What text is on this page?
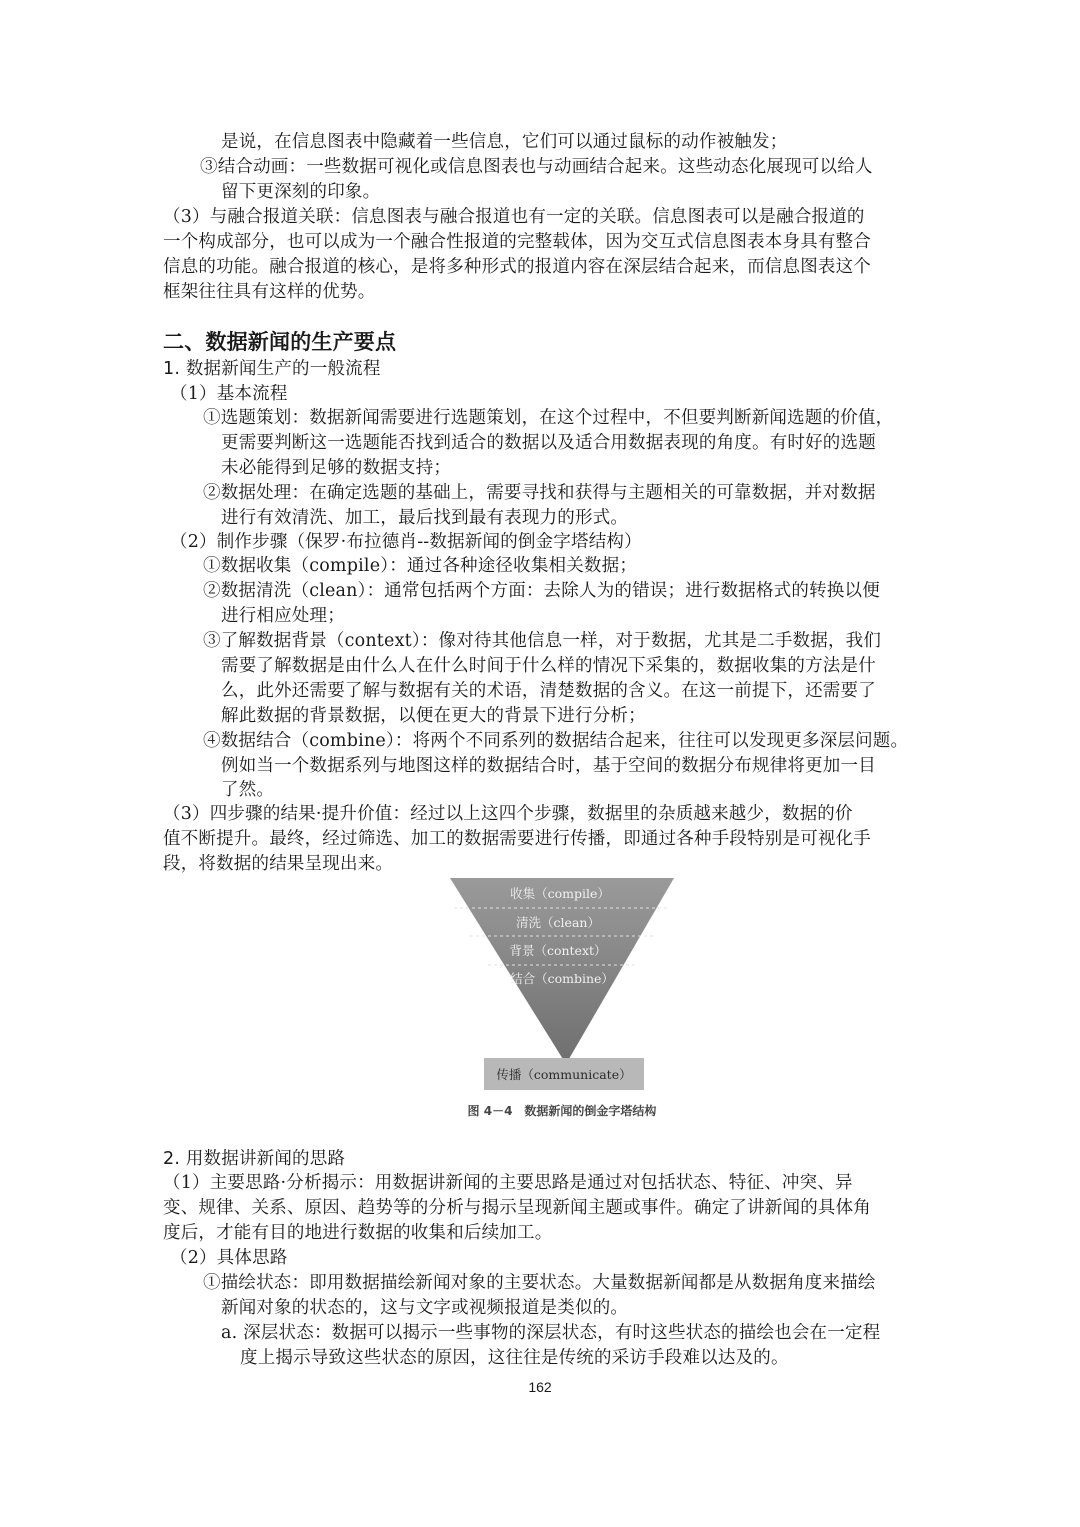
是说，在信息图表中隐藏着一些信息，它们可以通过鼠标的动作被触发；
③结合动画：一些数据可视化或信息图表也与动画结合起来。这些动态化展现可以给人
留下更深刻的印象。
（3）与融合报道关联：信息图表与融合报道也有一定的关联。信息图表可以是融合报道的
一个构成部分，也可以成为一个融合性报道的完整载体，因为交互式信息图表本身具有整合
信息的功能。融合报道的核心，是将多种形式的报道内容在深层结合起来，而信息图表这个
框架往往具有这样的优势。
二、数据新闻的生产要点
1. 数据新闻生产的一般流程
（1）基本流程
①选题策划：数据新闻需要进行选题策划，在这个过程中，不但要判断新闻选题的价值，
更需要判断这一选题能否找到适合的数据以及适合用数据表现的角度。有时好的选题
未必能得到足够的数据支持；
②数据处理：在确定选题的基础上，需要寻找和获得与主题相关的可靠数据，并对数据
进行有效清洗、加工，最后找到最有表现力的形式。
（2）制作步骤（保罗·布拉德肖--数据新闻的倒金字塔结构）
①数据收集（compile）：通过各种途径收集相关数据；
②数据清洗（clean）：通常包括两个方面：去除人为的错误；进行数据格式的转换以便
进行相应处理；
③了解数据背景（context）：像对待其他信息一样，对于数据，尤其是二手数据，我们
需要了解数据是由什么人在什么时间于什么样的情况下采集的，数据收集的方法是什
么，此外还需要了解与数据有关的术语，清楚数据的含义。在这一前提下，还需要了
解此数据的背景数据，以便在更大的背景下进行分析；
④数据结合（combine）：将两个不同系列的数据结合起来，往往可以发现更多深层问题。
例如当一个数据系列与地图这样的数据结合时，基于空间的数据分布规律将更加一目
了然。
（3）四步骤的结果·提升价值：经过以上这四个步骤，数据里的杂质越来越少，数据的价
值不断提升。最终，经过筛选、加工的数据需要进行传播，即通过各种手段特别是可视化手
段，将数据的结果呈现出来。
收集（compile）
清洗（clean）
背景（context）
结合（combine）
传播（communicate）
图 4－4　数据新闻的倒金字塔结构
2. 用数据讲新闻的思路
（1）主要思路·分析揭示：用数据讲新闻的主要思路是通过对包括状态、特征、冲突、异
变、规律、关系、原因、趋势等的分析与揭示呈现新闻主题或事件。确定了讲新闻的具体角
度后，才能有目的地进行数据的收集和后续加工。
（2）具体思路
①描绘状态：即用数据描绘新闻对象的主要状态。大量数据新闻都是从数据角度来描绘
新闻对象的状态的，这与文字或视频报道是类似的。
a. 深层状态：数据可以揭示一些事物的深层状态，有时这些状态的描绘也会在一定程
度上揭示导致这些状态的原因，这往往是传统的采访手段难以达及的。
162
